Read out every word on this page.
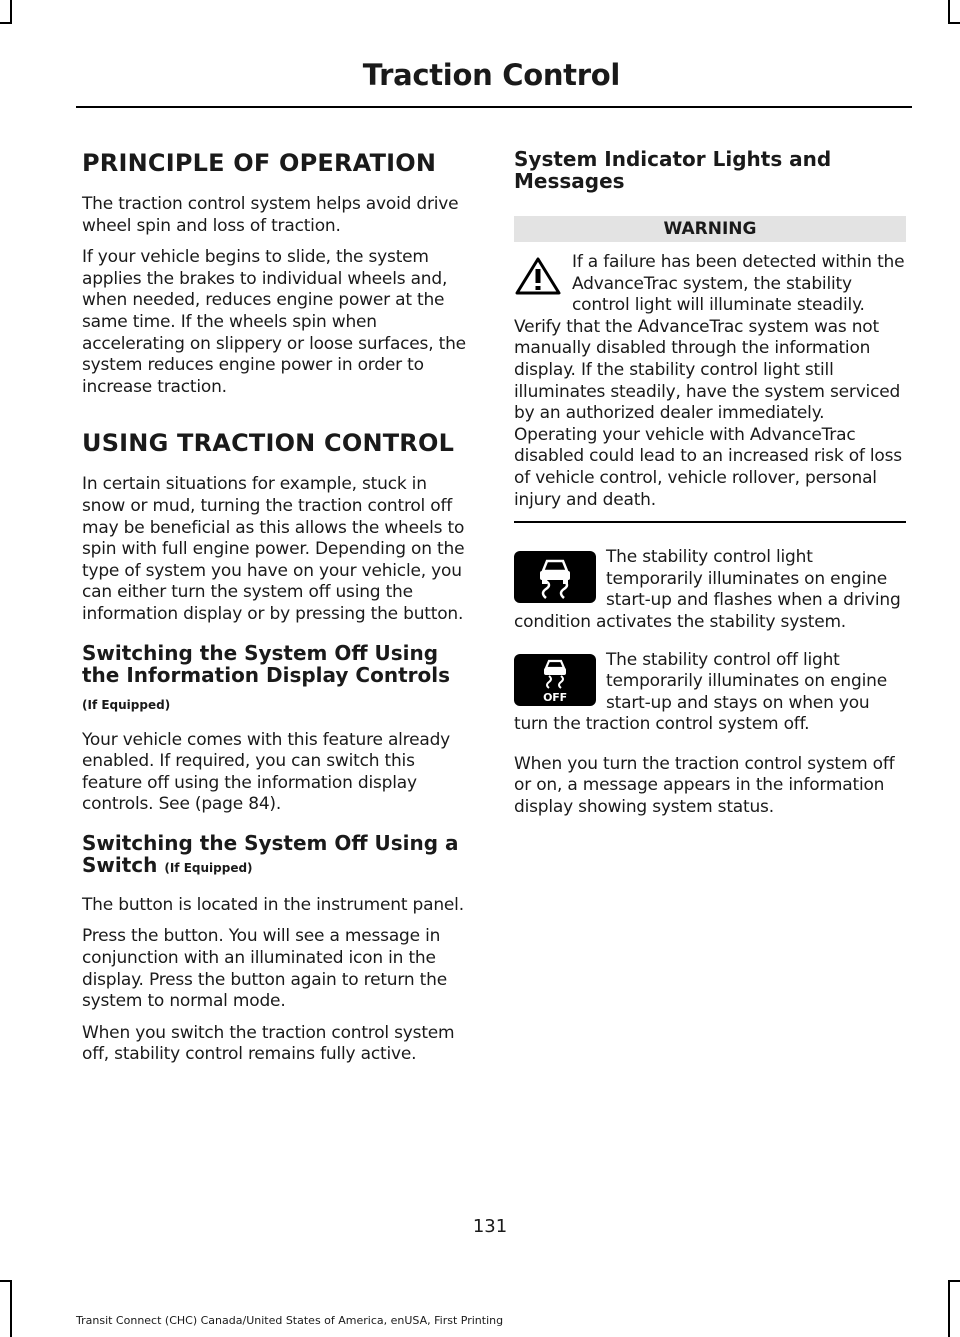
Traction Control
PRINCIPLE OF OPERATION

The traction control system helps avoid drive wheel spin and loss of traction.

If your vehicle begins to slide, the system applies the brakes to individual wheels and, when needed, reduces engine power at the same time. If the wheels spin when accelerating on slippery or loose surfaces, the system reduces engine power in order to increase traction.

USING TRACTION CONTROL

In certain situations for example, stuck in snow or mud, turning the traction control off may be beneficial as this allows the wheels to spin with full engine power. Depending on the type of system you have on your vehicle, you can either turn the system off using the information display or by pressing the button.

Switching the System Off Using the Information Display Controls
(If Equipped)

Your vehicle comes with this feature already enabled. If required, you can switch this feature off using the information display controls. See (page 84).

Switching the System Off Using a Switch (If Equipped)

The button is located in the instrument panel.

Press the button. You will see a message in conjunction with an illuminated icon in the display. Press the button again to return the system to normal mode.

When you switch the traction control system off, stability control remains fully active.

System Indicator Lights and Messages
WARNING

If a failure has been detected within the AdvanceTrac system, the stability control light will illuminate steadily. Verify that the AdvanceTrac system was not manually disabled through the information display. If the stability control light still illuminates steadily, have the system serviced by an authorized dealer immediately. Operating your vehicle with AdvanceTrac disabled could lead to an increased risk of loss of vehicle control, vehicle rollover, personal injury and death.

The stability control light temporarily illuminates on engine start-up and flashes when a driving condition activates the stability system.

OFF
The stability control off light temporarily illuminates on engine start-up and stays on when you turn the traction control system off.

When you turn the traction control system off or on, a message appears in the information display showing system status.

131
Transit Connect (CHC) Canada/United States of America, enUSA, First Printing
